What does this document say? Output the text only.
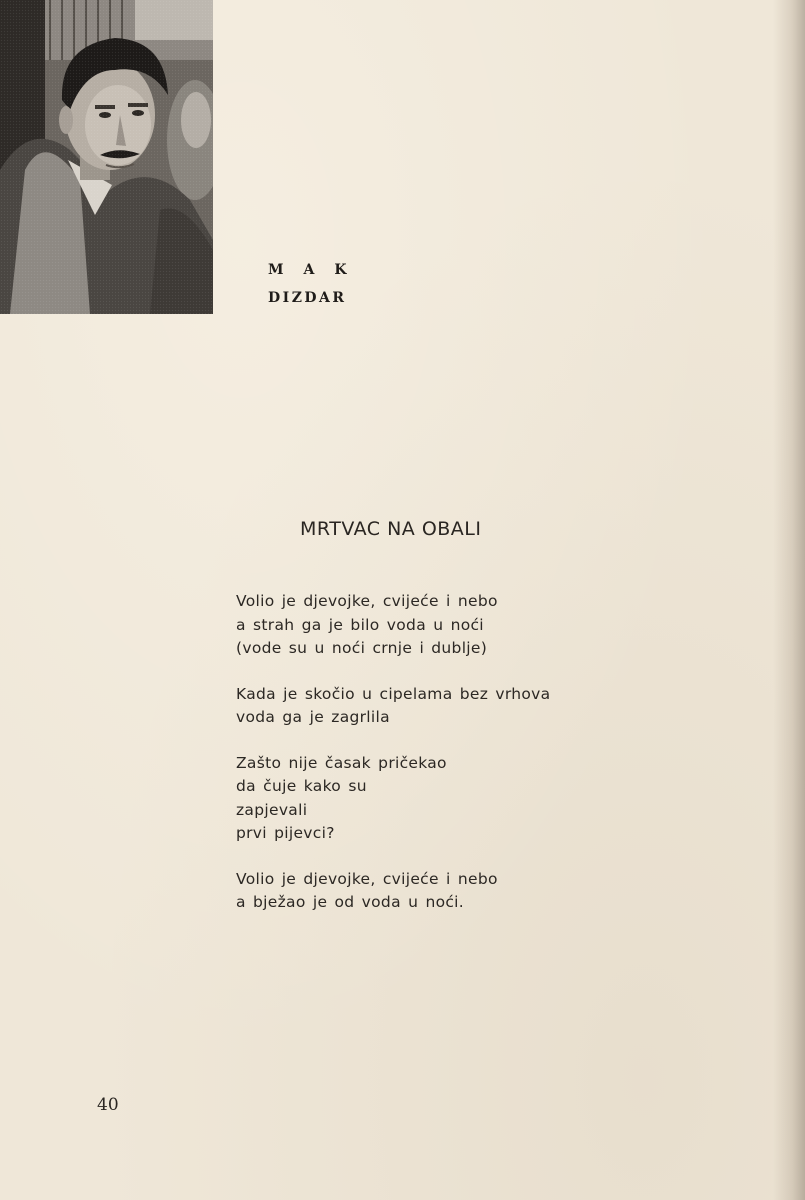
MAK
DIZDAR
MRTVAC NA OBALI
Volio je djevojke, cvijeće i nebo
a strah ga je bilo voda u noći
(vode su u noći crnje i dublje)
Kada je skočio u cipelama bez vrhova
voda ga je zagrlila
Zašto nije časak pričekao
da čuje kako su
zapjevali
prvi pijevci?
Volio je djevojke, cvijeće i nebo
a bježao je od voda u noći.
40
